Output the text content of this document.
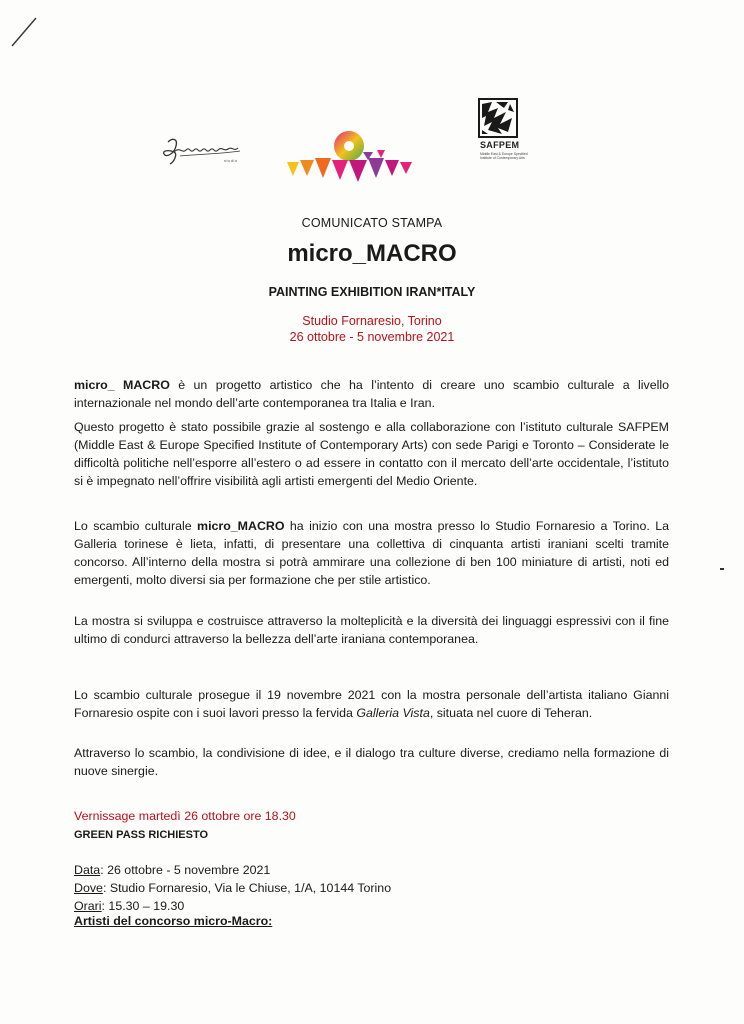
studio
SAFPEM
Middle East & Europe Specified Institute of Contemporary Arts
COMUNICATO STAMPA
micro_MACRO
PAINTING EXHIBITION IRAN*ITALY
Studio Fornaresio, Torino
26 ottobre - 5 novembre 2021

micro_ MACRO è un progetto artistico che ha l’intento di creare uno scambio culturale a livello internazionale nel mondo dell’arte contemporanea tra Italia e Iran.

Questo progetto è stato possibile grazie al sostengo e alla collaborazione con l’istituto culturale SAFPEM (Middle East & Europe Specified Institute of Contemporary Arts) con sede Parigi e Toronto – Considerate le difficoltà politiche nell’esporre all’estero o ad essere in contatto con il mercato dell’arte occidentale, l’istituto si è impegnato nell’offrire visibilità agli artisti emergenti del Medio Oriente.

Lo scambio culturale micro_MACRO ha inizio con una mostra presso lo Studio Fornaresio a Torino. La Galleria torinese è lieta, infatti, di presentare una collettiva di cinquanta artisti iraniani scelti tramite concorso. All’interno della mostra si potrà ammirare una collezione di ben 100 miniature di artisti, noti ed emergenti, molto diversi sia per formazione che per stile artistico.

La mostra si sviluppa e costruisce attraverso la molteplicità e la diversità dei linguaggi espressivi con il fine ultimo di condurci attraverso la bellezza dell’arte iraniana contemporanea.

Lo scambio culturale prosegue il 19 novembre 2021 con la mostra personale dell’artista italiano Gianni Fornaresio ospite con i suoi lavori presso la fervida Galleria Vista, situata nel cuore di Teheran.

Attraverso lo scambio, la condivisione di idee, e il dialogo tra culture diverse, crediamo nella formazione di nuove sinergie.

Vernissage martedì 26 ottobre ore 18.30
GREEN PASS RICHIESTO
Data: 26 ottobre - 5 novembre 2021
Dove: Studio Fornaresio, Via le Chiuse, 1/A, 10144 Torino
Orari: 15.30 – 19.30
Artisti del concorso micro-Macro:
